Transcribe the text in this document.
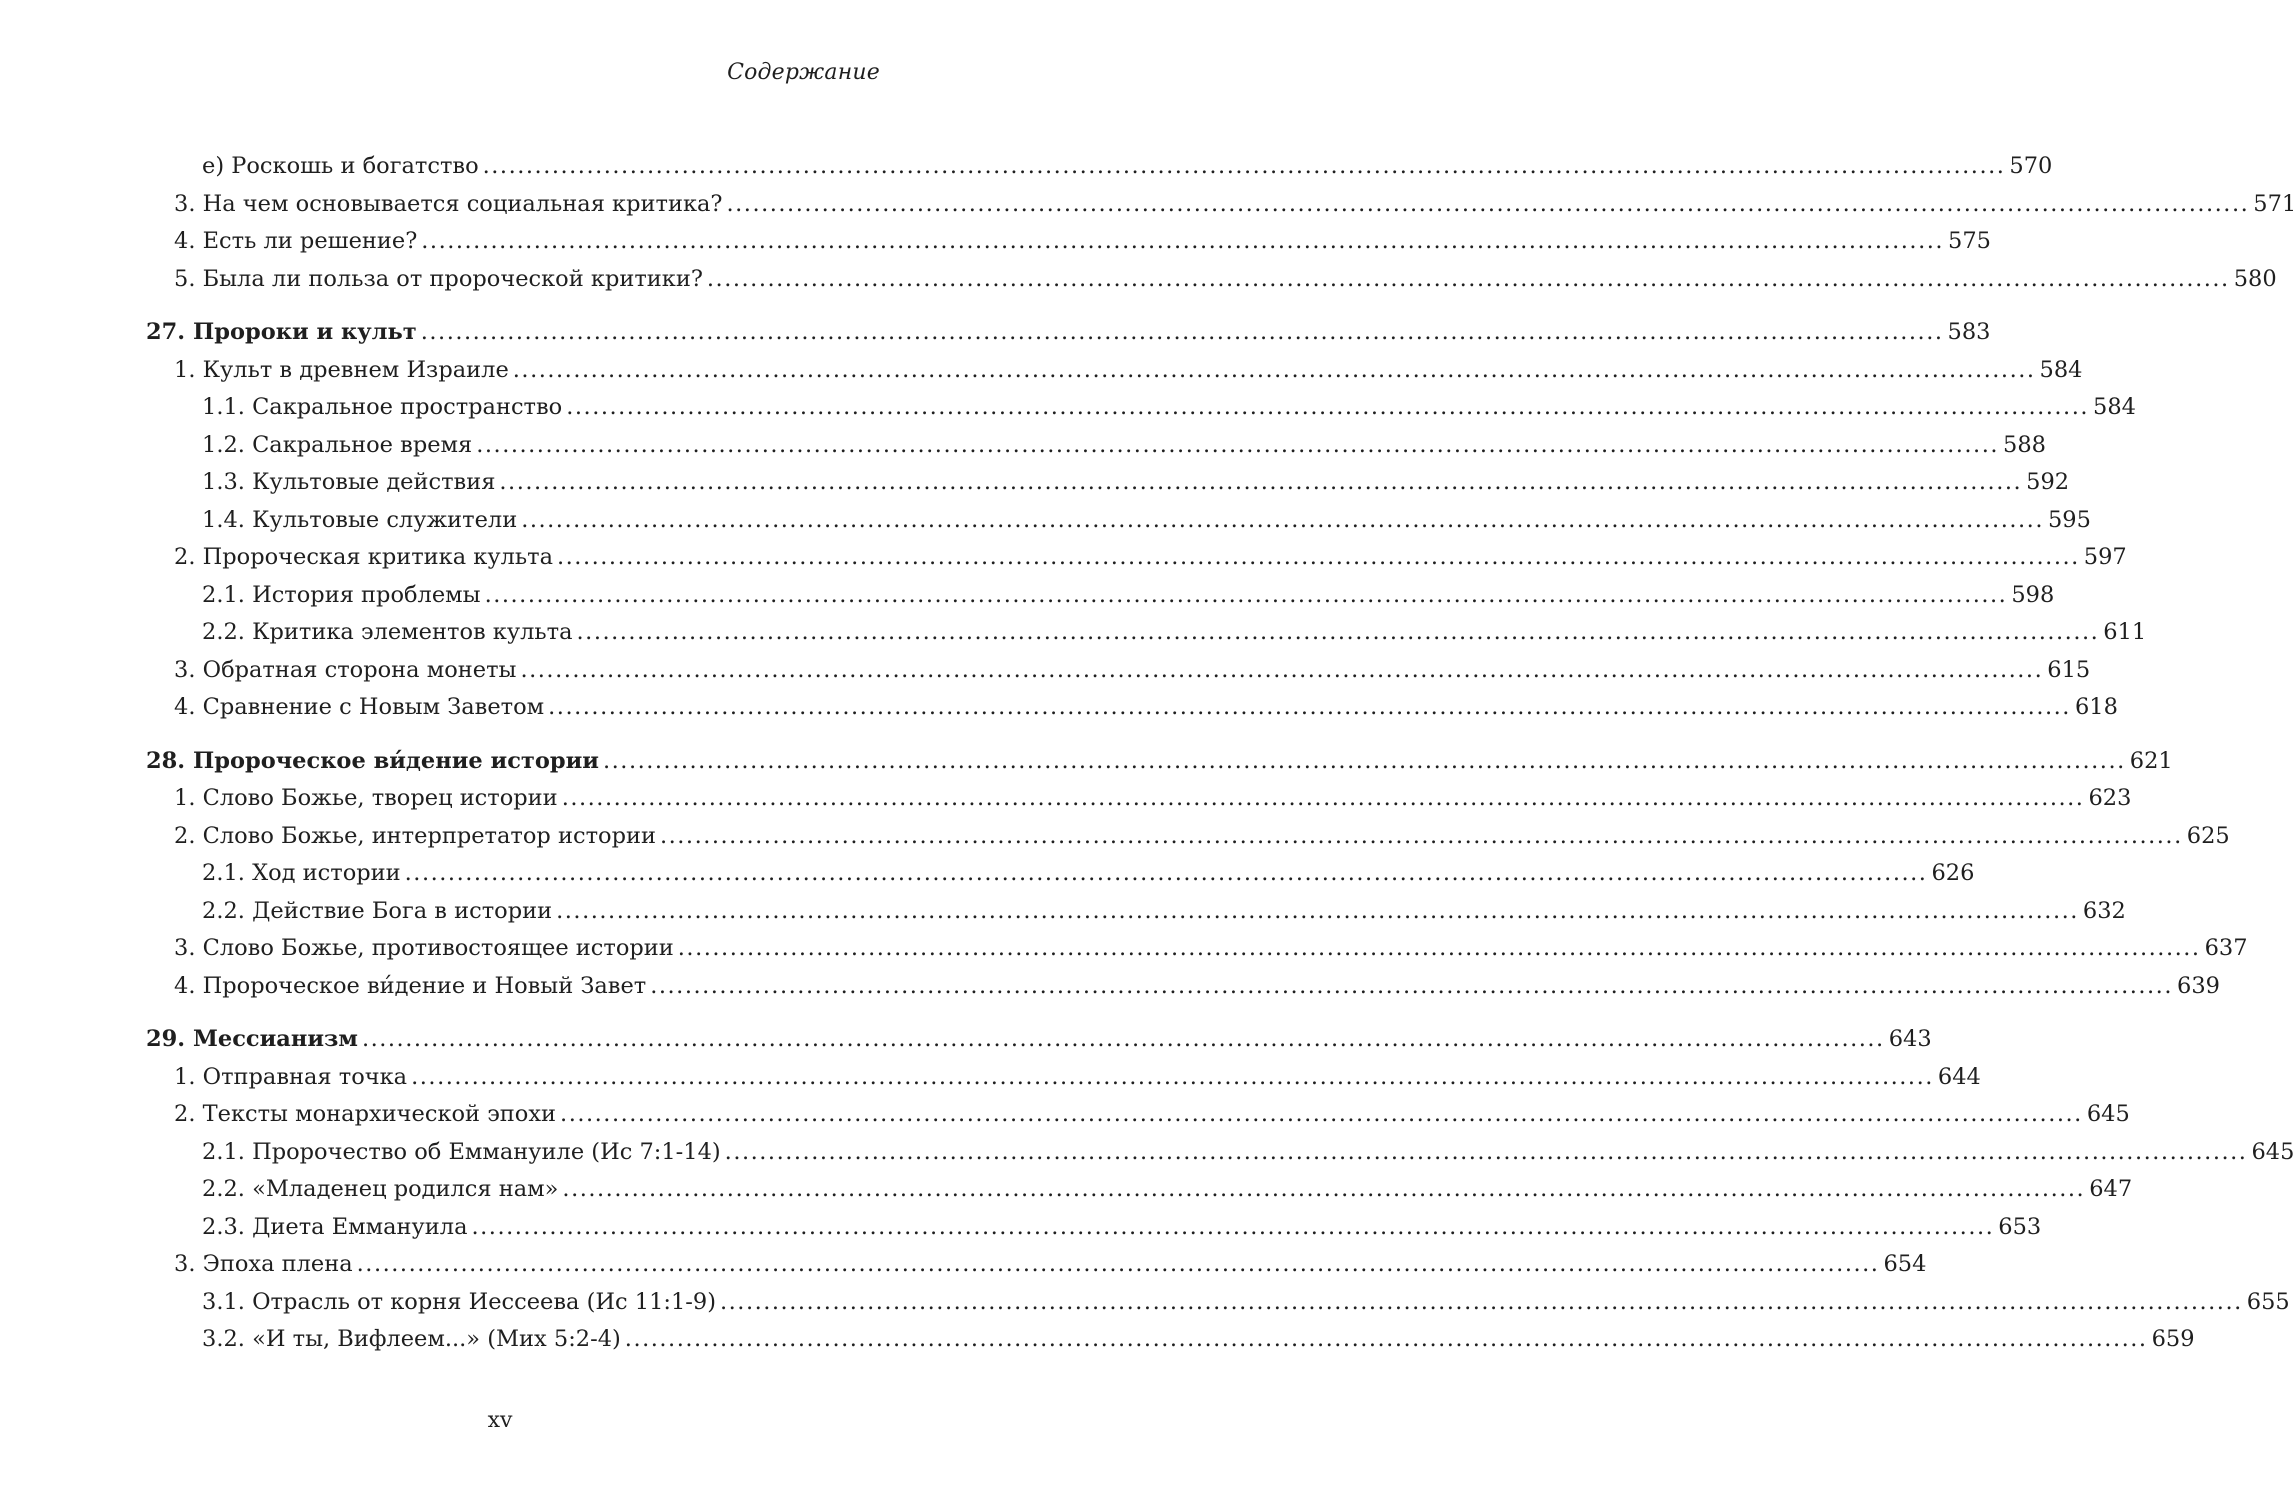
Содержание
е) Роскошь и богатство .....	570
3. На чем основывается социальная критика? .....	571
4. Есть ли решение? .....	575
5. Была ли польза от пророческой критики? .....	580
27. Пророки и культ .....	583
1. Культ в древнем Израиле .....	584
1.1. Сакральное пространство .....	584
1.2. Сакральное время .....	588
1.3. Культовые действия .....	592
1.4. Культовые служители .....	595
2. Пророческая критика культа .....	597
2.1. История проблемы .....	598
2.2. Критика элементов культа .....	611
3. Обратная сторона монеты .....	615
4. Сравнение с Новым Заветом .....	618
28. Пророческое ви́дение истории .....	621
1. Слово Божье, творец истории .....	623
2. Слово Божье, интерпретатор истории .....	625
2.1. Ход истории .....	626
2.2. Действие Бога в истории .....	632
3. Слово Божье, противостоящее истории .....	637
4. Пророческое ви́дение и Новый Завет .....	639
29. Мессианизм .....	643
1. Отправная точка .....	644
2. Тексты монархической эпохи .....	645
2.1. Пророчество об Еммануиле (Ис 7:1-14) .....	645
2.2. «Младенец родился нам» .....	647
2.3. Диета Еммануила .....	653
3. Эпоха плена .....	654
3.1. Отрасль от корня Иессеева (Ис 11:1-9) .....	655
3.2. «И ты, Вифлеем...» (Мих 5:2-4) .....	659
xv
